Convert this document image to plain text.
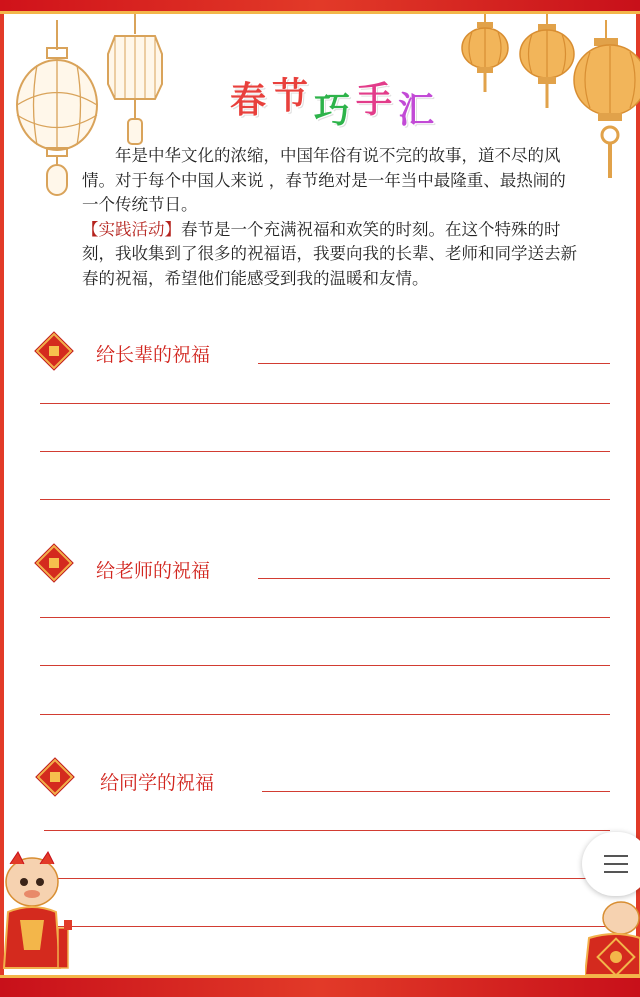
春 节 巧 手 汇

年是中华文化的浓缩，中国年俗有说不完的故事，道不尽的风情。对于每个中国人来说 ，春节绝对是一年当中最隆重、最热闹的一个传统节日。

【实践活动】春节是一个充满祝福和欢笑的时刻。在这个特殊的时刻，我收集到了很多的祝福语，我要向我的长辈、老师和同学送去新春的祝福，希望他们能感受到我的温暖和友情。

给长辈的祝福
给老师的祝福
给同学的祝福
